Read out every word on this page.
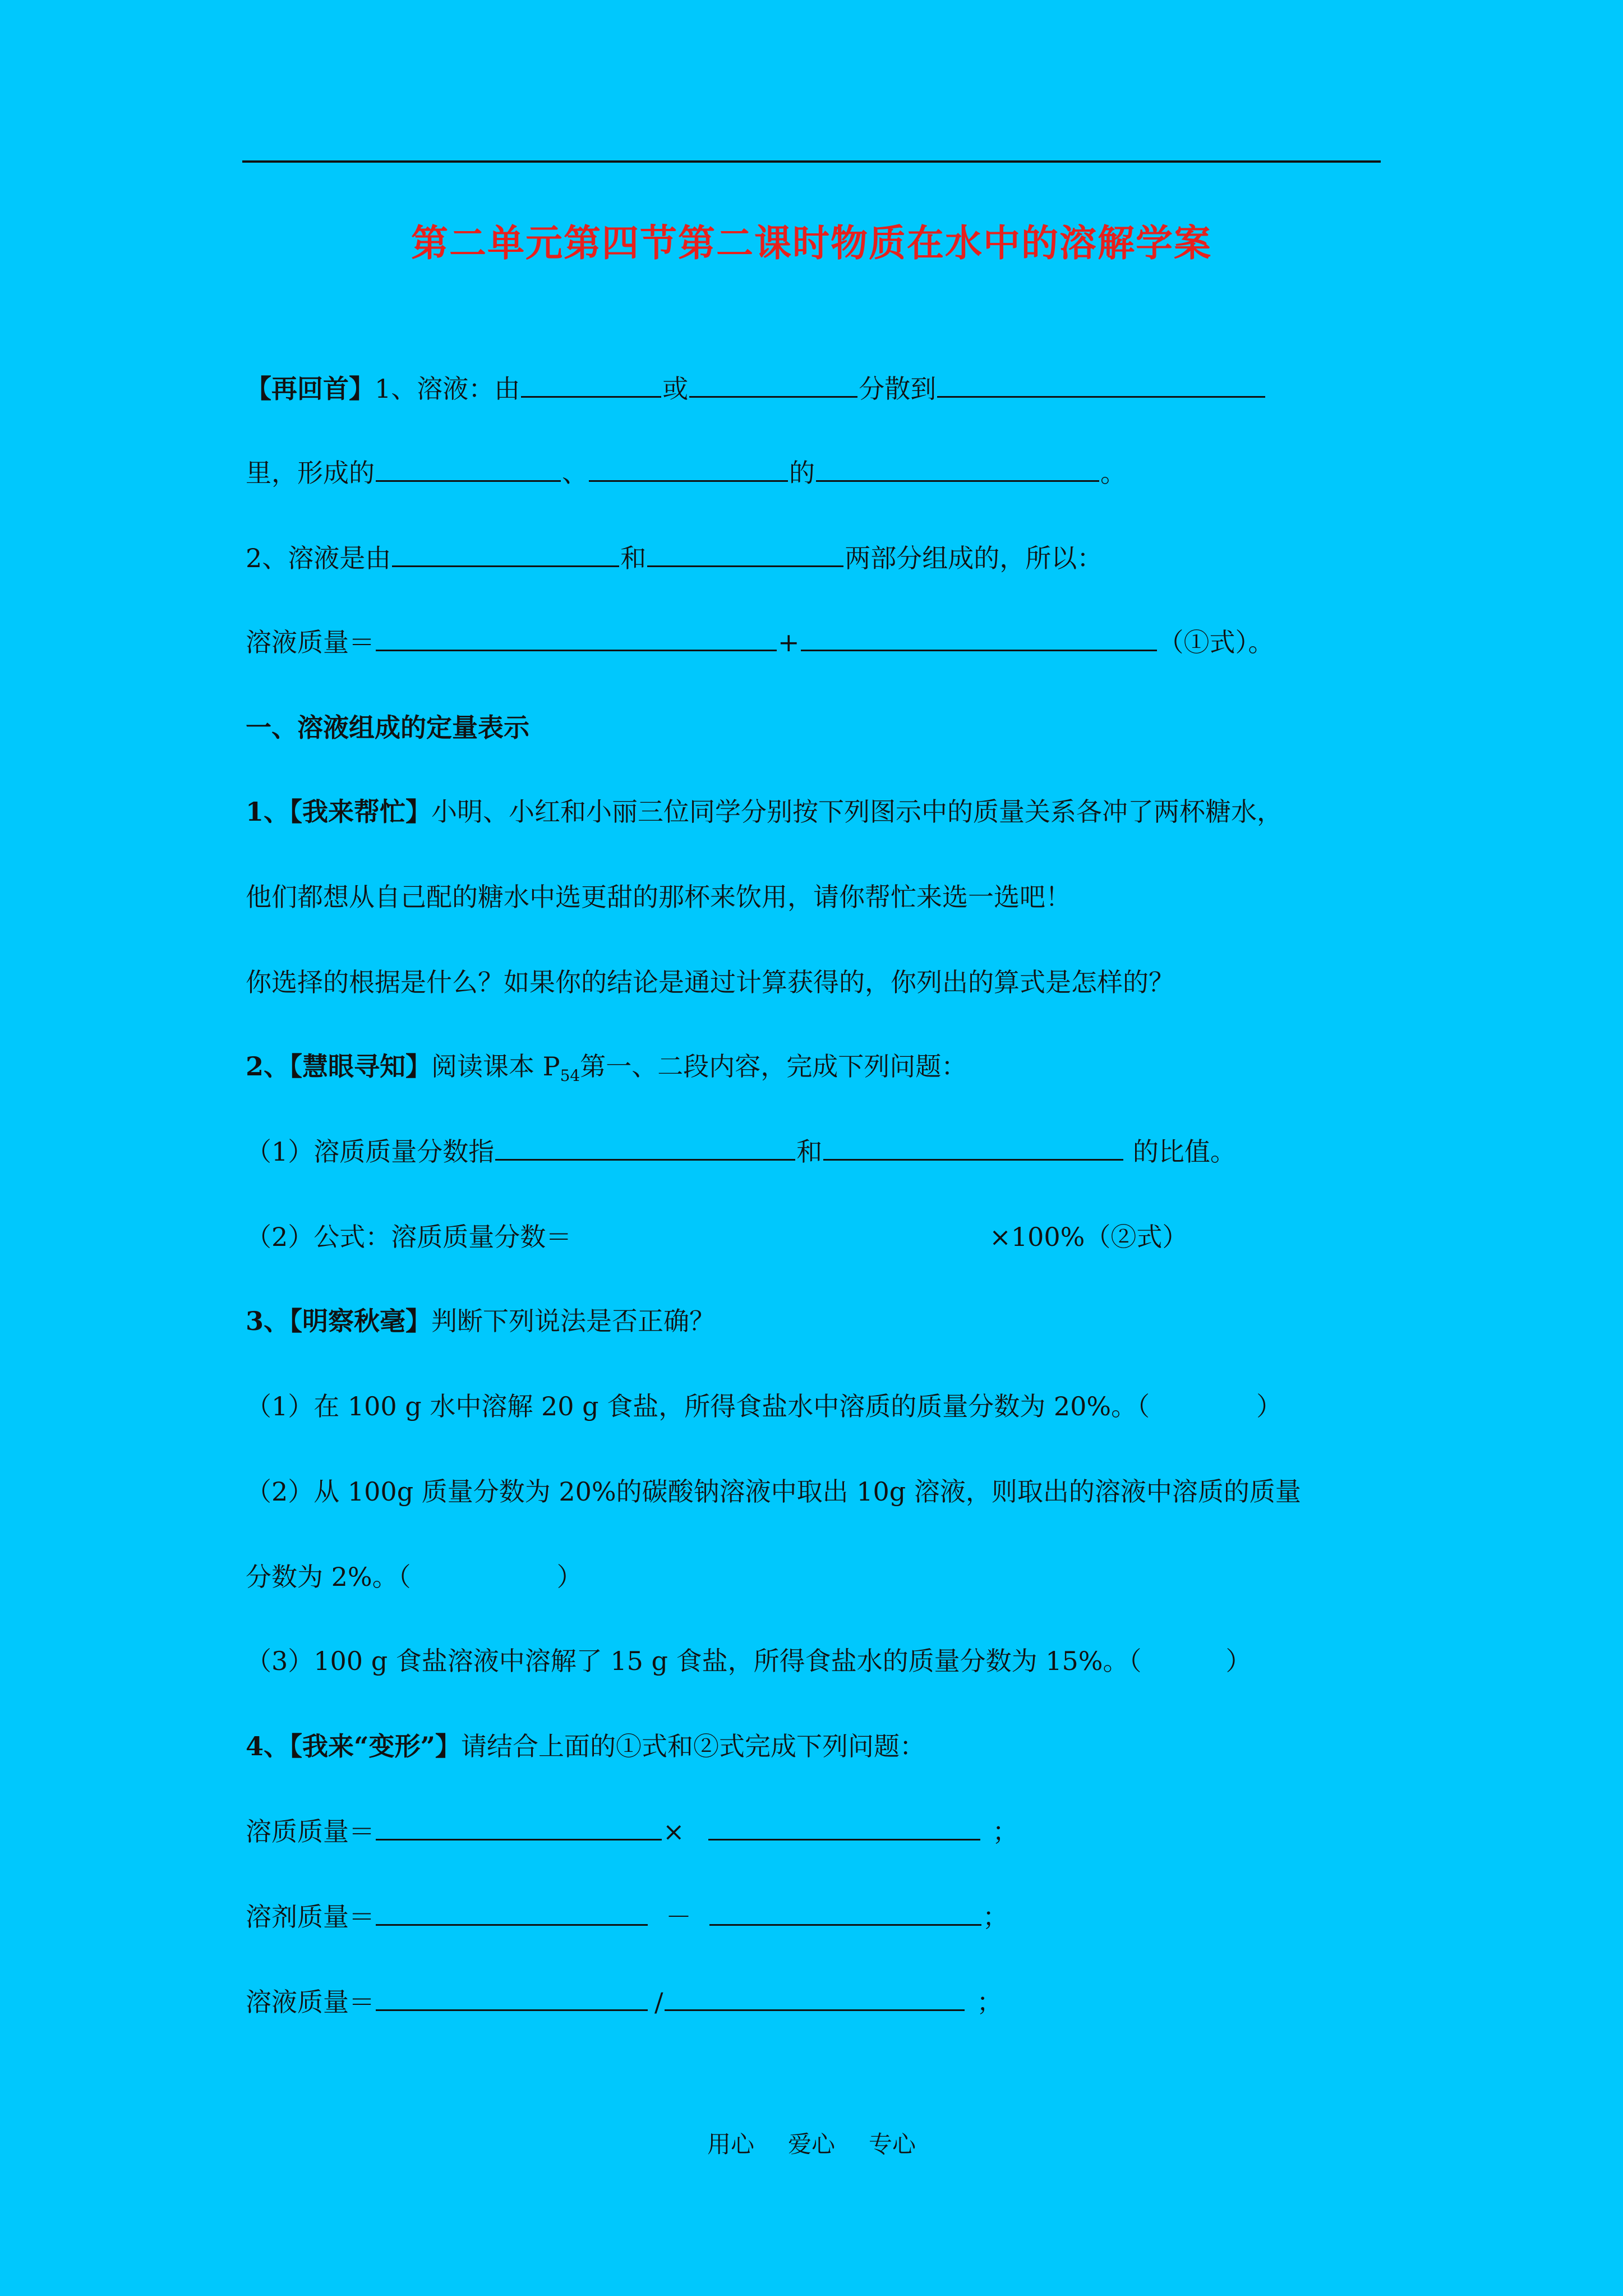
第二单元第四节第二课时物质在水中的溶解学案
【再回首】1、溶液：由	或	分散到
里，形成的	、	的	。
2、溶液是由	和	两部分组成的，所以：
溶液质量＝	+	（①式）。
一、溶液组成的定量表示
1、【我来帮忙】小明、小红和小丽三位同学分别按下列图示中的质量关系各冲了两杯糖水，
他们都想从自己配的糖水中选更甜的那杯来饮用，请你帮忙来选一选吧！
你选择的根据是什么？如果你的结论是通过计算获得的，你列出的算式是怎样的？
2、【慧眼寻知】阅读课本 $P_{54}$第一、二段内容，完成下列问题：
（1）溶质质量分数指	和	的比值。
（2）公式：溶质质量分数＝	×100%（②式）
3、【明察秋毫】判断下列说法是否正确？
（1）在 100 g 水中溶解 20 g 食盐，所得食盐水中溶质的质量分数为 20%。（	）
（2）从 100g 质量分数为 20%的碳酸钠溶液中取出 10g 溶液，则取出的溶液中溶质的质量
分数为 2%。（	）
（3）100 g 食盐溶液中溶解了 15 g 食盐，所得食盐水的质量分数为 15%。（	）
4、【我来“变形”】请结合上面的①式和②式完成下列问题：
溶质质量＝	×	；
溶剂质量＝	－	；
溶液质量＝	/	；
用心 爱心 专心
